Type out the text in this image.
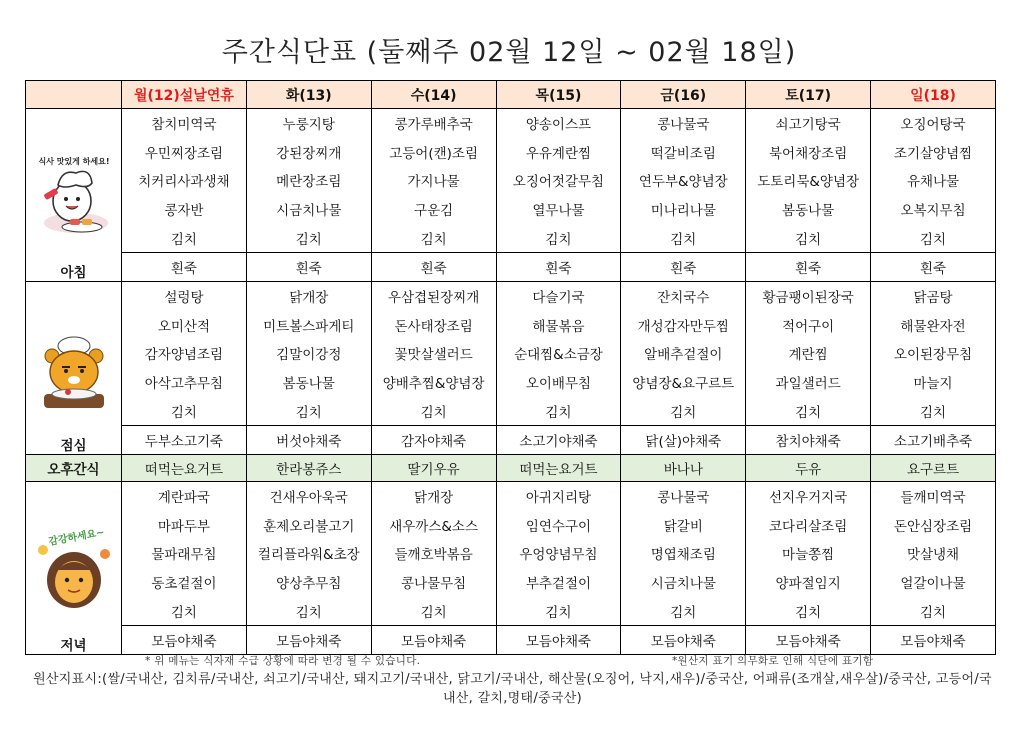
주간식단표 (둘째주 02월 12일 ~ 02월 18일)
	월(12)설날연휴	화(13)	수(14)	목(15)	금(16)	토(17)	일(18)

식사 맛있게 하세요!
아침	참치미역국	누룽지탕	콩가루배추국	양송이스프	콩나물국	쇠고기탕국	오징어탕국
	우민찌장조림	강된장찌개	고등어(캔)조림	우유계란찜	떡갈비조림	북어채장조림	조기살양념찜
	치커리사과생채	메란장조림	가지나물	오징어젓갈무침	연두부&양념장	도토리묵&양념장	유채나물
	콩자반	시금치나물	구운김	열무나물	미나리나물	봄동나물	오복지무침
	김치	김치	김치	김치	김치	김치	김치
	흰죽	흰죽	흰죽	흰죽	흰죽	흰죽	흰죽

점심	설렁탕	닭개장	우삼겹된장찌개	다슬기국	잔치국수	황금팽이된장국	닭곰탕
	오미산적	미트볼스파게티	돈사태장조림	해물볶음	개성감자만두찜	적어구이	해물완자전
	감자양념조림	김말이강정	꽃맛살샐러드	순대찜&소금장	알배추겉절이	계란찜	오이된장무침
	아삭고추무침	봄동나물	양배추찜&양념장	오이배무침	양념장&요구르트	과일샐러드	마늘지
	김치	김치	김치	김치	김치	김치	김치
	두부소고기죽	버섯야채죽	감자야채죽	소고기야채죽	닭(살)야채죽	참치야채죽	소고기배추죽
오후간식	떠먹는요거트	한라봉쥬스	딸기우유	떠먹는요거트	바나나	두유	요구르트

감강하세요~
저녁	계란파국	건새우아욱국	닭개장	아귀지리탕	콩나물국	선지우거지국	들깨미역국
	마파두부	훈제오리불고기	새우까스&소스	임연수구이	닭갈비	코다리살조림	돈안심장조림
	물파래무침	컬리플라워&초장	들깨호박볶음	우엉양념무침	명엽채조림	마늘쫑찜	맛살냉채
	동초겉절이	양상추무침	콩나물무침	부추겉절이	시금치나물	양파절임지	얼갈이나물
	김치	김치	김치	김치	김치	김치	김치
	모듬야채죽	모듬야채죽	모듬야채죽	모듬야채죽	모듬야채죽	모듬야채죽	모듬야채죽
* 위 메뉴는 식자재 수급 상황에 따라 변경 될 수 있습니다.	*원산지 표기 의무화로 인해 식단에 표기함
원산지표시:(쌀/국내산, 김치류/국내산, 쇠고기/국내산, 돼지고기/국내산, 닭고기/국내산, 해산물(오징어, 낙지,새우)/중국산, 어패류(조개살,새우살)/중국산, 고등어/국내산, 갈치,명태/중국산)
